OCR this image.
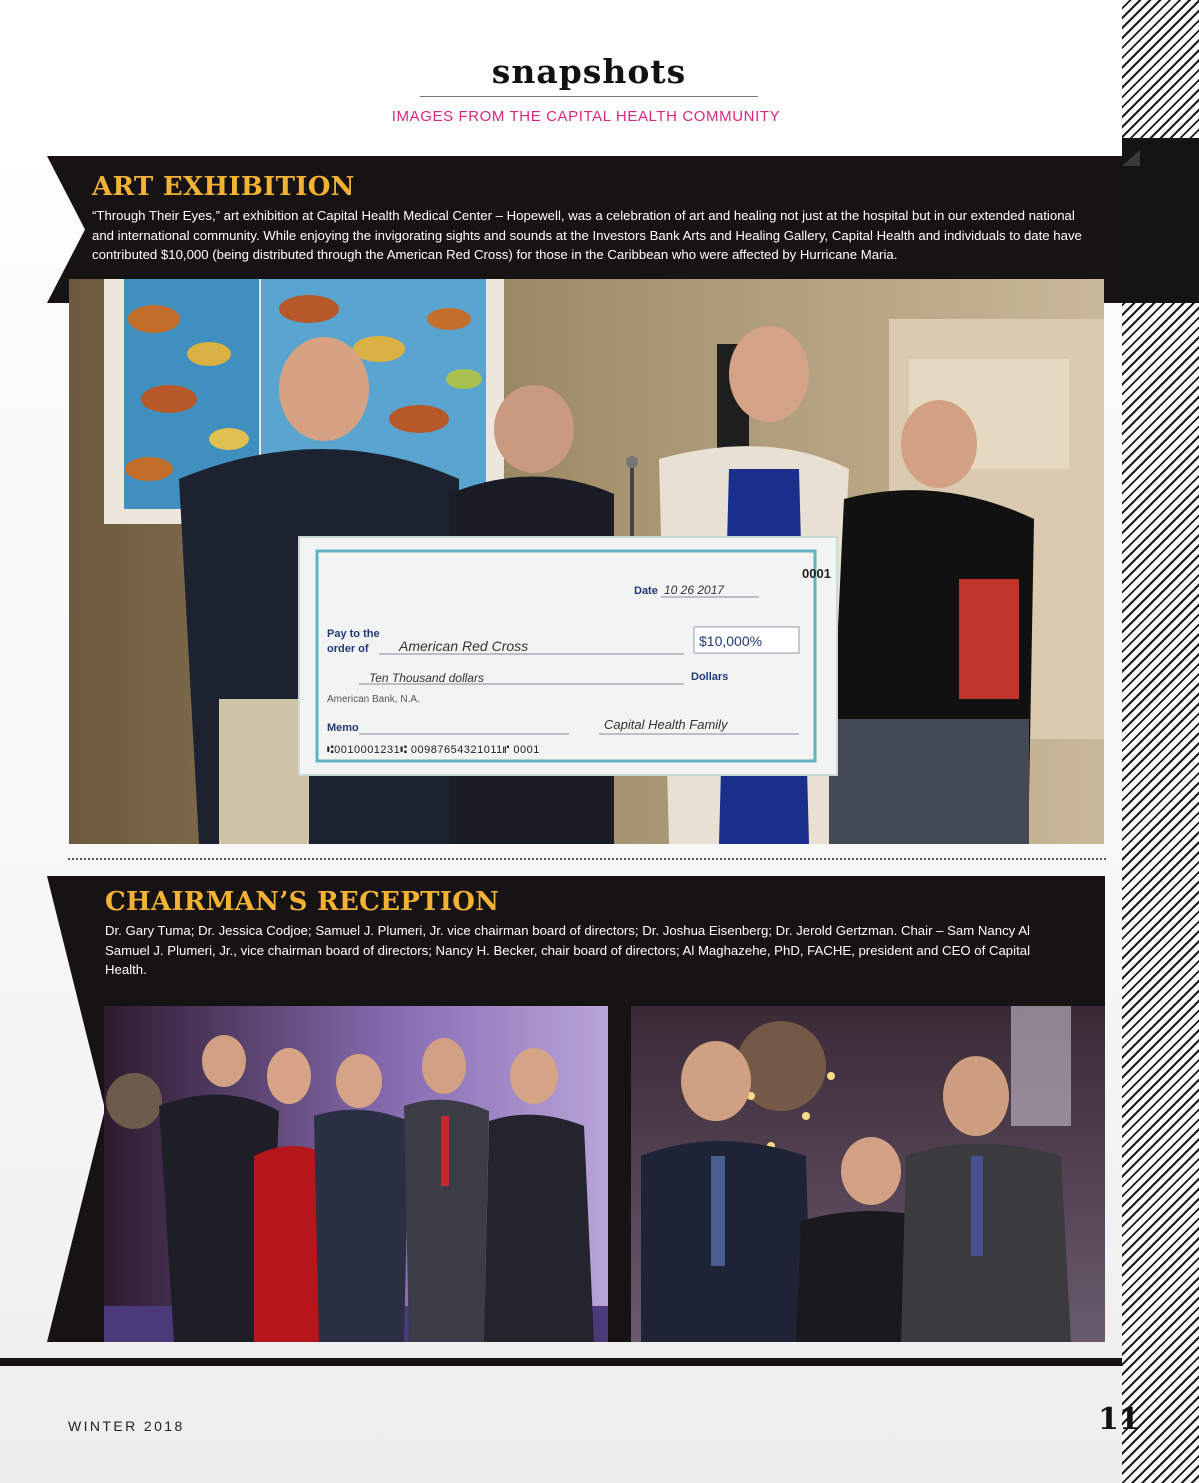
snapshots
IMAGES FROM THE CAPITAL HEALTH COMMUNITY
ART EXHIBITION
“Through Their Eyes,” art exhibition at Capital Health Medical Center – Hopewell, was a celebration of art and healing not just at the hospital but in our extended national and international community. While enjoying the invigorating sights and sounds at the Investors Bank Arts and Healing Gallery, Capital Health and individuals to date have contributed $10,000 (being distributed through the American Red Cross) for those in the Caribbean who were affected by Hurricane Maria.
0001
Date 10 26 2017
Pay to the
order of American Red Cross	$10,000%
Ten Thousand dollars	Dollars
American Bank, N.A.
Memo	Capital Health Family
⑆0010001231⑆ 00987654321011⑈ 0001
CHAIRMAN’S RECEPTION
Dr. Gary Tuma; Dr. Jessica Codjoe; Samuel J. Plumeri, Jr. vice chairman board of directors; Dr. Joshua Eisenberg; Dr. Jerold Gertzman. Chair – Sam Nancy Al Samuel J. Plumeri, Jr., vice chairman board of directors; Nancy H. Becker, chair board of directors; Al Maghazehe, PhD, FACHE, president and CEO of Capital Health.
WINTER 2018	11
